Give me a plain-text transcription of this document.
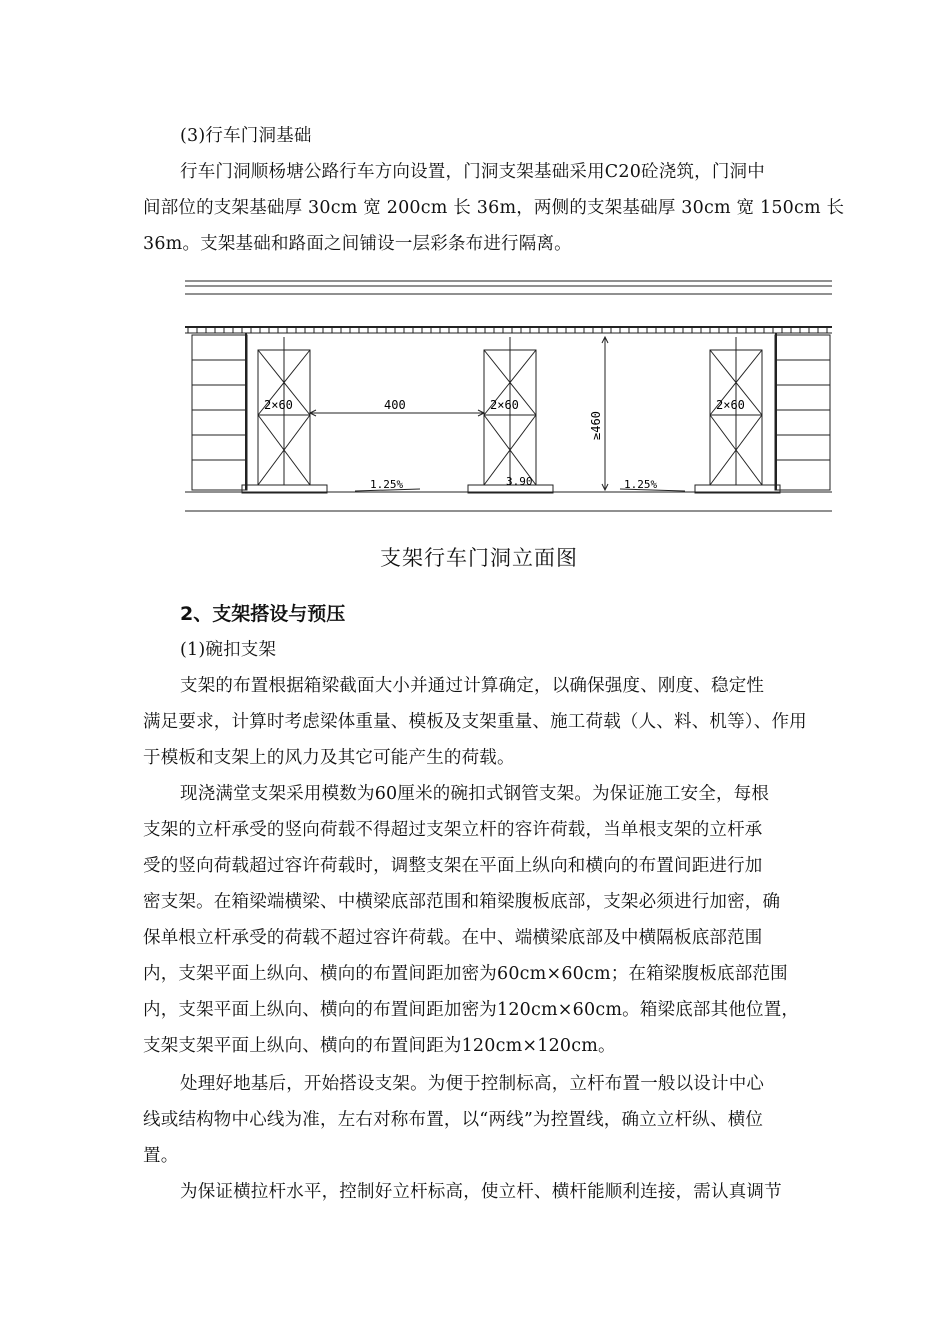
(3)行车门洞基础
行车门洞顺杨塘公路行车方向设置，门洞支架基础采用C20砼浇筑，门洞中
间部位的支架基础厚 30cm 宽 200cm 长 36m，两侧的支架基础厚 30cm 宽 150cm 长
36m。支架基础和路面之间铺设一层彩条布进行隔离。
400
2×60	2×60	2×60
≥460
1.25%	1.25%
3.90
支架行车门洞立面图
2、支架搭设与预压
(1)碗扣支架
支架的布置根据箱梁截面大小并通过计算确定，以确保强度、刚度、稳定性
满足要求，计算时考虑梁体重量、模板及支架重量、施工荷载（人、料、机等）、作用
于模板和支架上的风力及其它可能产生的荷载。
现浇满堂支架采用模数为60厘米的碗扣式钢管支架。为保证施工安全，每根
支架的立杆承受的竖向荷载不得超过支架立杆的容许荷载，当单根支架的立杆承
受的竖向荷载超过容许荷载时，调整支架在平面上纵向和横向的布置间距进行加
密支架。在箱梁端横梁、中横梁底部范围和箱梁腹板底部，支架必须进行加密，确
保单根立杆承受的荷载不超过容许荷载。在中、端横梁底部及中横隔板底部范围
内，支架平面上纵向、横向的布置间距加密为60cm×60cm；在箱梁腹板底部范围
内，支架平面上纵向、横向的布置间距加密为120cm×60cm。箱梁底部其他位置，
支架支架平面上纵向、横向的布置间距为120cm×120cm。
处理好地基后，开始搭设支架。为便于控制标高，立杆布置一般以设计中心
线或结构物中心线为准，左右对称布置，以“两线”为控置线，确立立杆纵、横位
置。
为保证横拉杆水平，控制好立杆标高，使立杆、横杆能顺利连接，需认真调节
